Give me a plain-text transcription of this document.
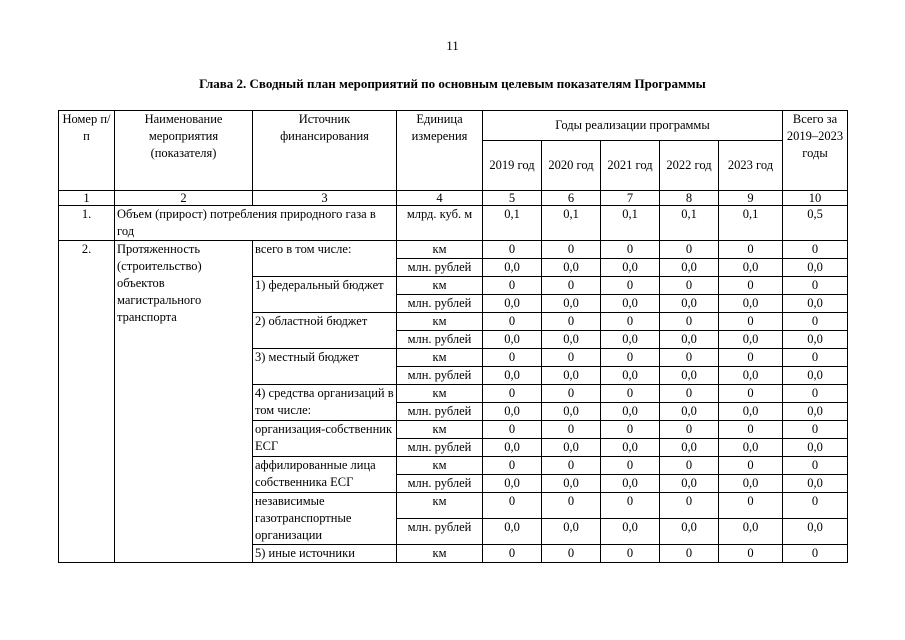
11
Глава 2. Сводный план мероприятий по основным целевым показателям Программы
Номер п/п	Наименование мероприятия (показателя)	Источник финансирования	Единица измерения	Годы реализации программы					Всего за 2019–2023 годы
				2019 год	2020 год	2021 год	2022 год	2023 год	
1	2	3	4	5	6	7	8	9	10
1.	Объем (прирост) потребления природного газа в год		млрд. куб. м	0,1	0,1	0,1	0,1	0,1	0,5
2.	Протяженность (строительство) объектов магистрального транспорта	всего в том числе:	км	0	0	0	0	0	0
			млн. рублей	0,0	0,0	0,0	0,0	0,0	0,0
		1) федеральный бюджет	км	0	0	0	0	0	0
			млн. рублей	0,0	0,0	0,0	0,0	0,0	0,0
		2) областной бюджет	км	0	0	0	0	0	0
			млн. рублей	0,0	0,0	0,0	0,0	0,0	0,0
		3) местный бюджет	км	0	0	0	0	0	0
			млн. рублей	0,0	0,0	0,0	0,0	0,0	0,0
		4) средства организаций в том числе:	км	0	0	0	0	0	0
			млн. рублей	0,0	0,0	0,0	0,0	0,0	0,0
		организация-собственник ЕСГ	км	0	0	0	0	0	0
			млн. рублей	0,0	0,0	0,0	0,0	0,0	0,0
		аффилированные лица собственника ЕСГ	км	0	0	0	0	0	0
			млн. рублей	0,0	0,0	0,0	0,0	0,0	0,0
		независимые газотранспортные организации	км	0	0	0	0	0	0
			млн. рублей	0,0	0,0	0,0	0,0	0,0	0,0
		5) иные источники	км	0	0	0	0	0	0
